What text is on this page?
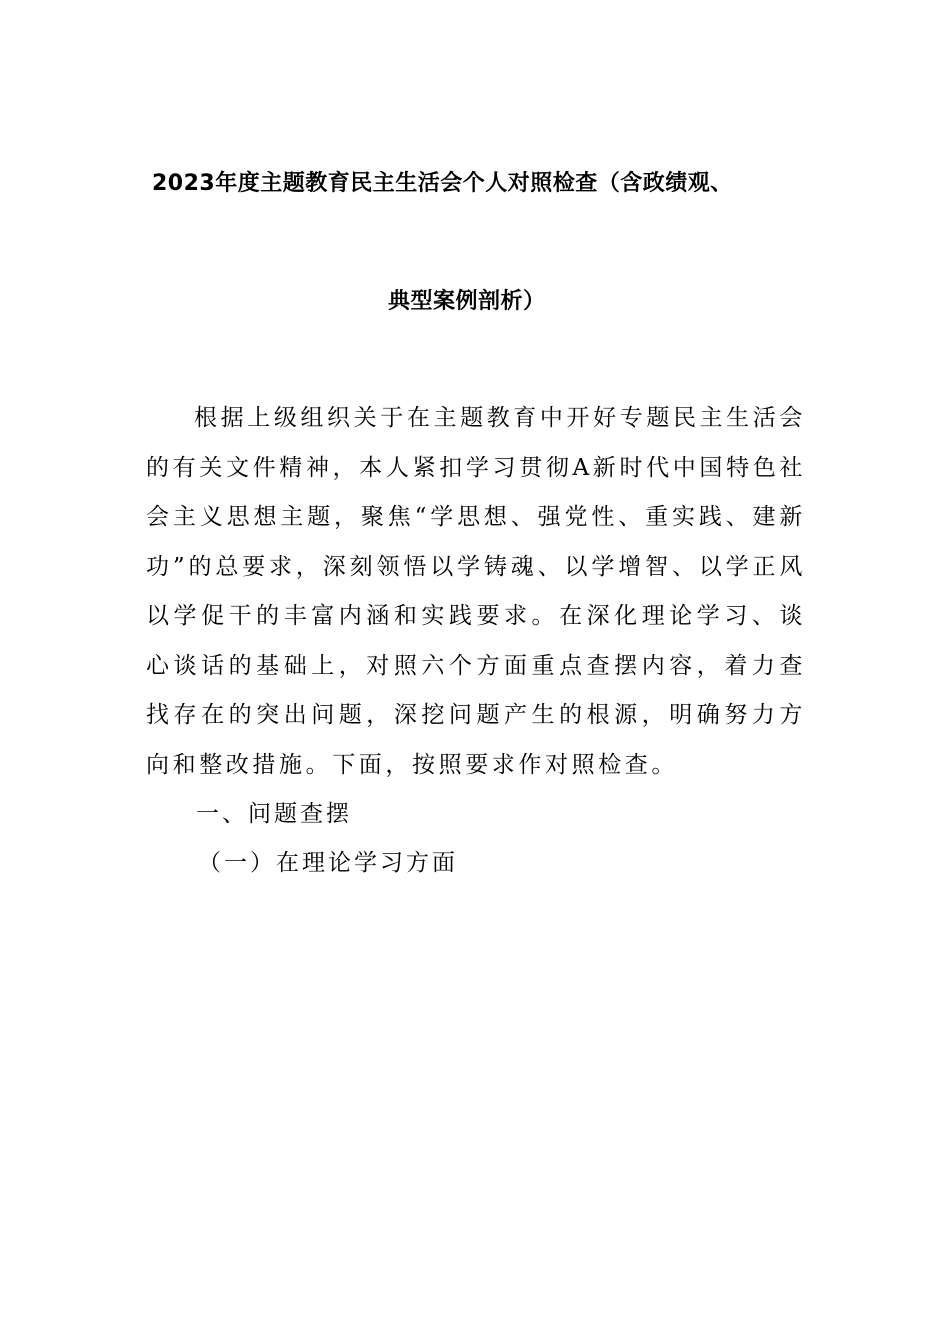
2023年度主题教育民主生活会个人对照检查（含政绩观、
典型案例剖析）

根据上级组织关于在主题教育中开好专题民主生活会的有关文件精神，本人紧扣学习贯彻A新时代中国特色社会主义思想主题，聚焦“学思想、强党性、重实践、建新功”的总要求，深刻领悟以学铸魂、以学增智、以学正风以学促干的丰富内涵和实践要求。在深化理论学习、谈心谈话的基础上，对照六个方面重点查摆内容，着力查找存在的突出问题，深挖问题产生的根源，明确努力方向和整改措施。下面，按照要求作对照检查。

一、问题查摆
（一）在理论学习方面
